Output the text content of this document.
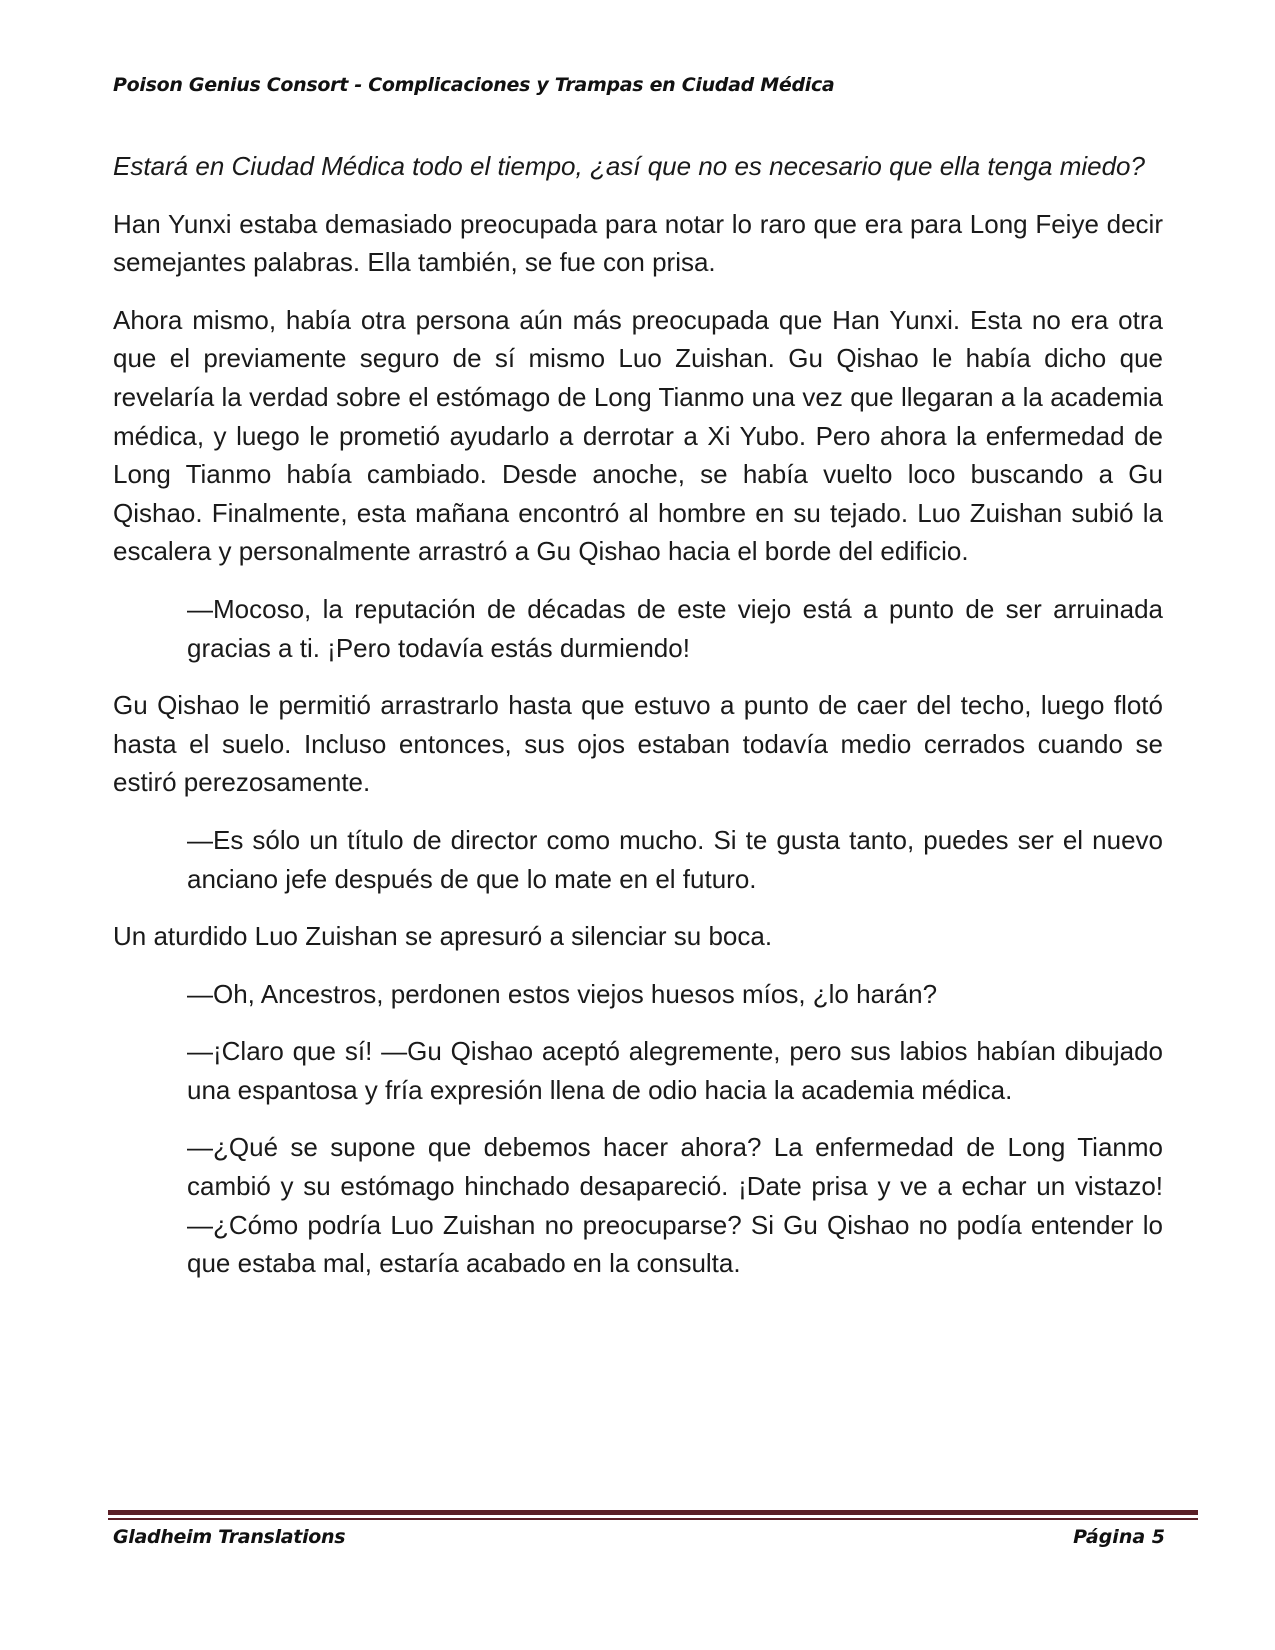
Poison Genius Consort - Complicaciones y Trampas en Ciudad Médica

Estará en Ciudad Médica todo el tiempo, ¿así que no es necesario que ella tenga miedo?

Han Yunxi estaba demasiado preocupada para notar lo raro que era para Long Feiye decir semejantes palabras. Ella también, se fue con prisa.

Ahora mismo, había otra persona aún más preocupada que Han Yunxi. Esta no era otra que el previamente seguro de sí mismo Luo Zuishan. Gu Qishao le había dicho que revelaría la verdad sobre el estómago de Long Tianmo una vez que llegaran a la academia médica, y luego le prometió ayudarlo a derrotar a Xi Yubo. Pero ahora la enfermedad de Long Tianmo había cambiado. Desde anoche, se había vuelto loco buscando a Gu Qishao. Finalmente, esta mañana encontró al hombre en su tejado. Luo Zuishan subió la escalera y personalmente arrastró a Gu Qishao hacia el borde del edificio.

—Mocoso, la reputación de décadas de este viejo está a punto de ser arruinada gracias a ti. ¡Pero todavía estás durmiendo!

Gu Qishao le permitió arrastrarlo hasta que estuvo a punto de caer del techo, luego flotó hasta el suelo. Incluso entonces, sus ojos estaban todavía medio cerrados cuando se estiró perezosamente.

—Es sólo un título de director como mucho. Si te gusta tanto, puedes ser el nuevo anciano jefe después de que lo mate en el futuro.

Un aturdido Luo Zuishan se apresuró a silenciar su boca.

—Oh, Ancestros, perdonen estos viejos huesos míos, ¿lo harán?

—¡Claro que sí! —Gu Qishao aceptó alegremente, pero sus labios habían dibujado una espantosa y fría expresión llena de odio hacia la academia médica.

—¿Qué se supone que debemos hacer ahora? La enfermedad de Long Tianmo cambió y su estómago hinchado desapareció. ¡Date prisa y ve a echar un vistazo! —¿Cómo podría Luo Zuishan no preocuparse? Si Gu Qishao no podía entender lo que estaba mal, estaría acabado en la consulta.

Gladheim Translations	Página 5
